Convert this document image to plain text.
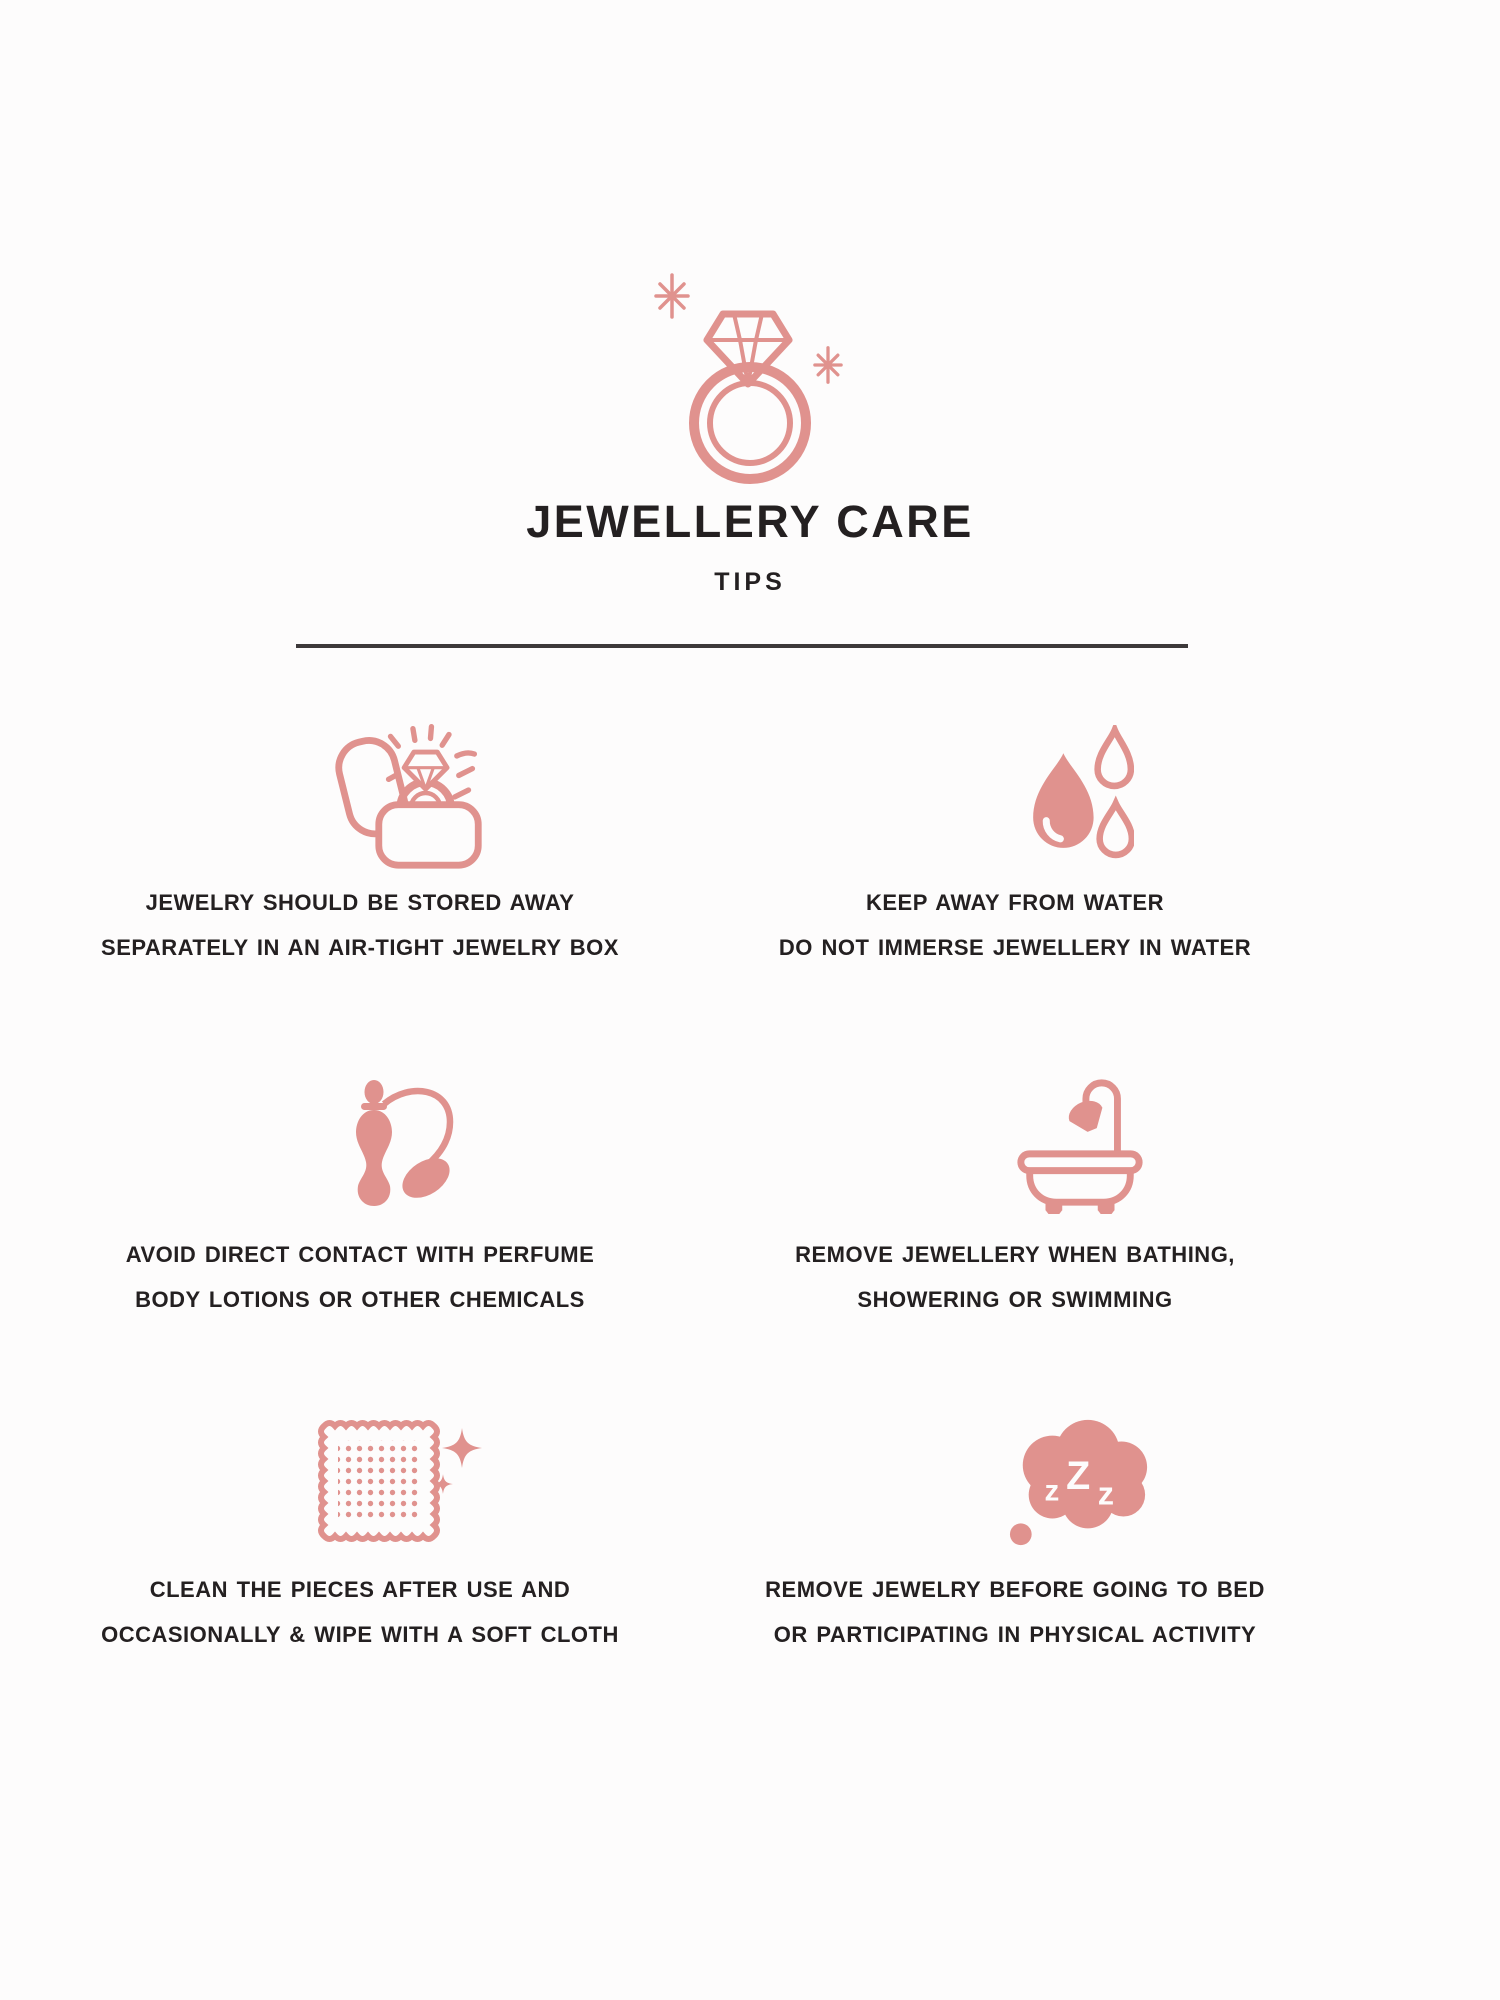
JEWELLERY CARE
TIPS
JEWELRY SHOULD BE STORED AWAY
SEPARATELY IN AN AIR-TIGHT JEWELRY BOX
KEEP AWAY FROM WATER
DO NOT IMMERSE JEWELLERY IN WATER
AVOID DIRECT CONTACT WITH PERFUME
BODY LOTIONS OR OTHER CHEMICALS
REMOVE JEWELLERY WHEN BATHING,
SHOWERING OR SWIMMING
CLEAN THE PIECES AFTER USE AND
OCCASIONALLY & WIPE WITH A SOFT CLOTH
z Z z
REMOVE JEWELRY BEFORE GOING TO BED
OR PARTICIPATING IN PHYSICAL ACTIVITY
